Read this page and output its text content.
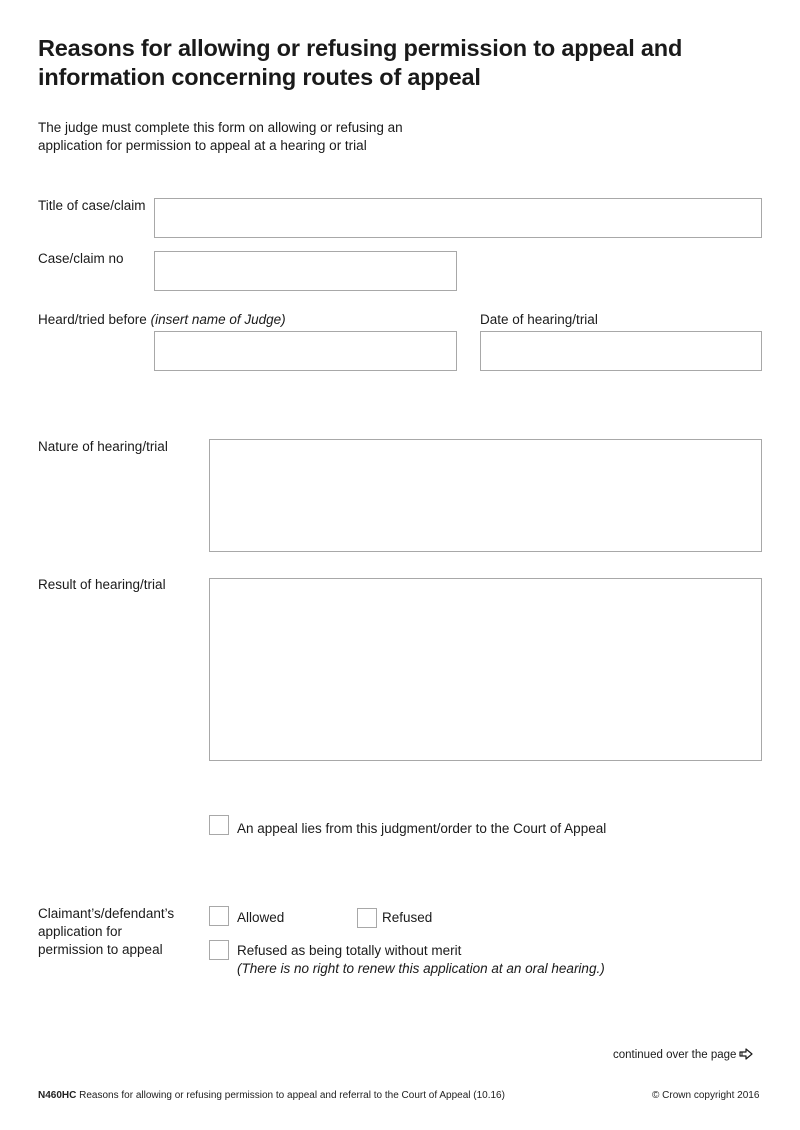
Reasons for allowing or refusing permission to appeal and
information concerning routes of appeal
The judge must complete this form on allowing or refusing an
application for permission to appeal at a hearing or trial
Title of case/claim
Case/claim no
Heard/tried before (insert name of Judge)	Date of hearing/trial
Nature of hearing/trial
Result of hearing/trial
An appeal lies from this judgment/order to the Court of Appeal
Claimant’s/defendant’s
application for
permission to appeal
Allowed	Refused
Refused as being totally without merit
(There is no right to renew this application at an oral hearing.)
continued over the page
N460HC Reasons for allowing or refusing permission to appeal and referral to the Court of Appeal (10.16)	© Crown copyright 2016
